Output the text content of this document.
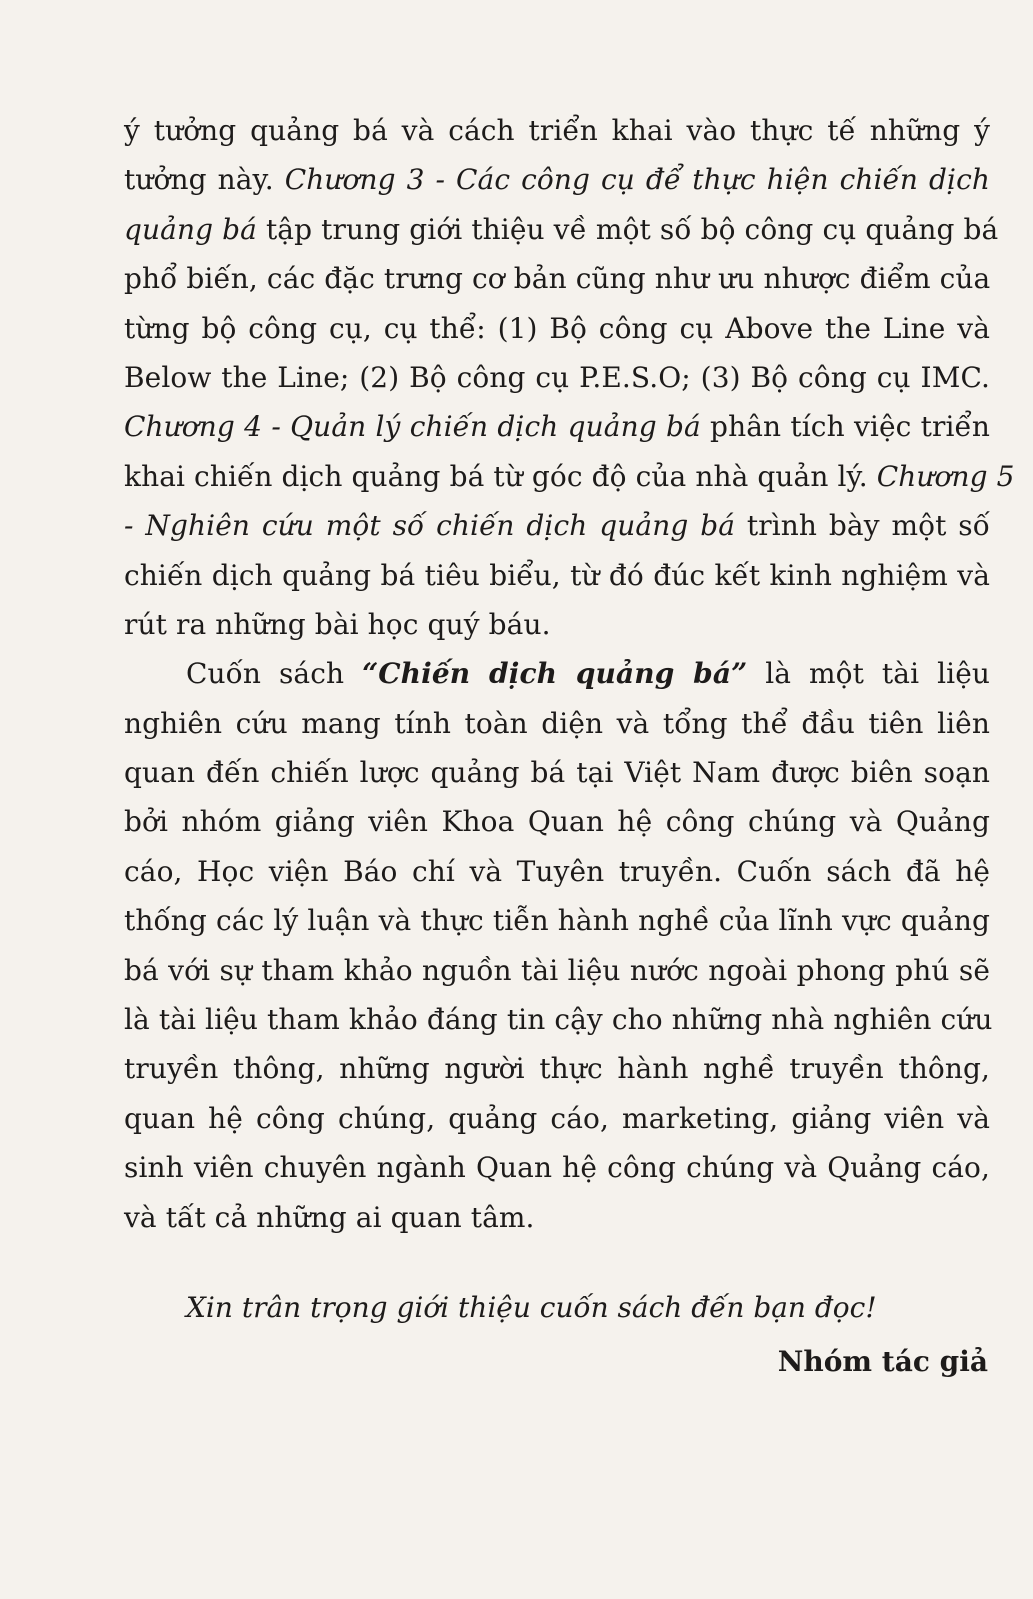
ý tưởng quảng bá và cách triển khai vào thực tế những ý
tưởng này. Chương 3 - Các công cụ để thực hiện chiến dịch
quảng bá tập trung giới thiệu về một số bộ công cụ quảng bá
phổ biến, các đặc trưng cơ bản cũng như ưu nhược điểm của
từng bộ công cụ, cụ thể: (1) Bộ công cụ Above the Line và
Below the Line; (2) Bộ công cụ P.E.S.O; (3) Bộ công cụ IMC.
Chương 4 - Quản lý chiến dịch quảng bá phân tích việc triển
khai chiến dịch quảng bá từ góc độ của nhà quản lý. Chương 5
- Nghiên cứu một số chiến dịch quảng bá trình bày một số
chiến dịch quảng bá tiêu biểu, từ đó đúc kết kinh nghiệm và
rút ra những bài học quý báu.
Cuốn sách “Chiến dịch quảng bá” là một tài liệu
nghiên cứu mang tính toàn diện và tổng thể đầu tiên liên
quan đến chiến lược quảng bá tại Việt Nam được biên soạn
bởi nhóm giảng viên Khoa Quan hệ công chúng và Quảng
cáo, Học viện Báo chí và Tuyên truyền. Cuốn sách đã hệ
thống các lý luận và thực tiễn hành nghề của lĩnh vực quảng
bá với sự tham khảo nguồn tài liệu nước ngoài phong phú sẽ
là tài liệu tham khảo đáng tin cậy cho những nhà nghiên cứu
truyền thông, những người thực hành nghề truyền thông,
quan hệ công chúng, quảng cáo, marketing, giảng viên và
sinh viên chuyên ngành Quan hệ công chúng và Quảng cáo,
và tất cả những ai quan tâm.
Xin trân trọng giới thiệu cuốn sách đến bạn đọc!
Nhóm tác giả
